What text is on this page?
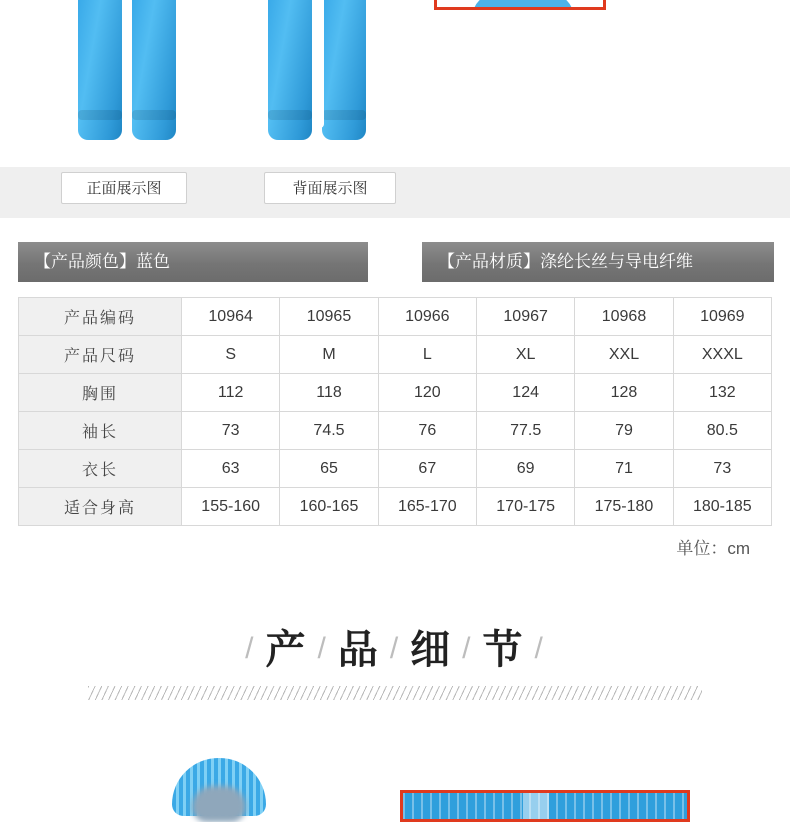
正面展示图	背面展示图
【产品颜色】蓝色	【产品材质】涤纶长丝与导电纤维
产品编码	10964	10965	10966	10967	10968	10969
产品尺码	S	M	L	XL	XXL	XXXL
胸围	112	118	120	124	128	132
袖长	73	74.5	76	77.5	79	80.5
衣长	63	65	67	69	71	73
适合身高	155-160	160-165	165-170	170-175	175-180	180-185
单位：cm
/ 产 / 品 / 细 / 节 /
